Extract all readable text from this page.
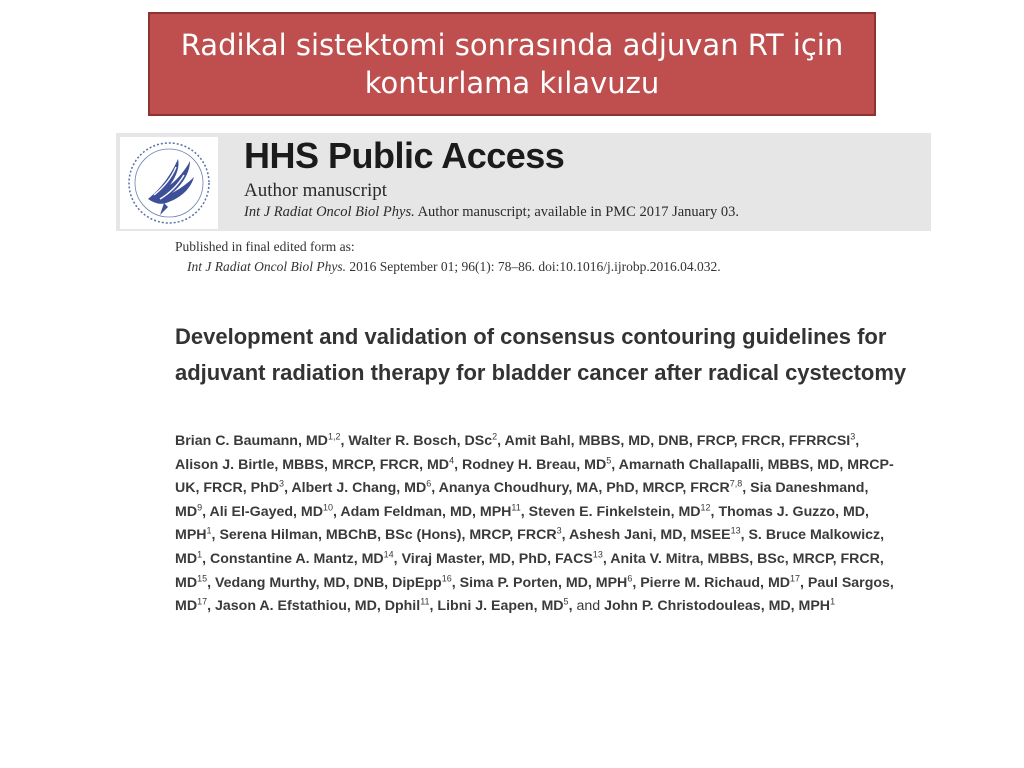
Radikal sistektomi sonrasında adjuvan RT için
konturlama kılavuzu
HHS Public Access
Author manuscript
Int J Radiat Oncol Biol Phys. Author manuscript; available in PMC 2017 January 03.
Published in final edited form as:
Int J Radiat Oncol Biol Phys. 2016 September 01; 96(1): 78–86. doi:10.1016/j.ijrobp.2016.04.032.
Development and validation of consensus contouring guidelines for adjuvant radiation therapy for bladder cancer after radical cystectomy

Brian C. Baumann, MD$^{1,2}$, Walter R. Bosch, DSc$^2$, Amit Bahl, MBBS, MD, DNB, FRCP, FRCR, FFRRCSI$^3$, Alison J. Birtle, MBBS, MRCP, FRCR, $MD^4$, Rodney H. Breau, $MD^5$, Amarnath Challapalli, MBBS, MD, MRCP-UK, FRCR, PhD$^3$, Albert J. Chang, $MD^6$, Ananya Choudhury, MA, PhD, MRCP, FRCR$^{7,8}$, Sia Daneshmand, $MD^9$, Ali El-Gayed, MD$^{10}$, Adam Feldman, MD, MPH$^{11}$, Steven E. Finkelstein, MD$^{12}$, Thomas J. Guzzo, MD, MPH$^1$, Serena Hilman, MBChB, BSc (Hons), MRCP, FRCR$^3$, Ashesh Jani, MD, MSEE$^{13}$, S. Bruce Malkowicz, $MD^1$, Constantine A. Mantz, MD$^{14}$, Viraj Master, MD, PhD, FACS$^{13}$, Anita V. Mitra, MBBS, BSc, MRCP, FRCR, MD$^{15}$, Vedang Murthy, MD, DNB, DipEpp$^{16}$, Sima P. Porten, MD, MPH$^6$, Pierre M. Richaud, MD$^{17}$, Paul Sargos, MD$^{17}$, Jason A. Efstathiou, MD, Dphil$^{11}$, Libni J. Eapen, $MD^5$, and John P. Christodouleas, MD, MPH$^1$
